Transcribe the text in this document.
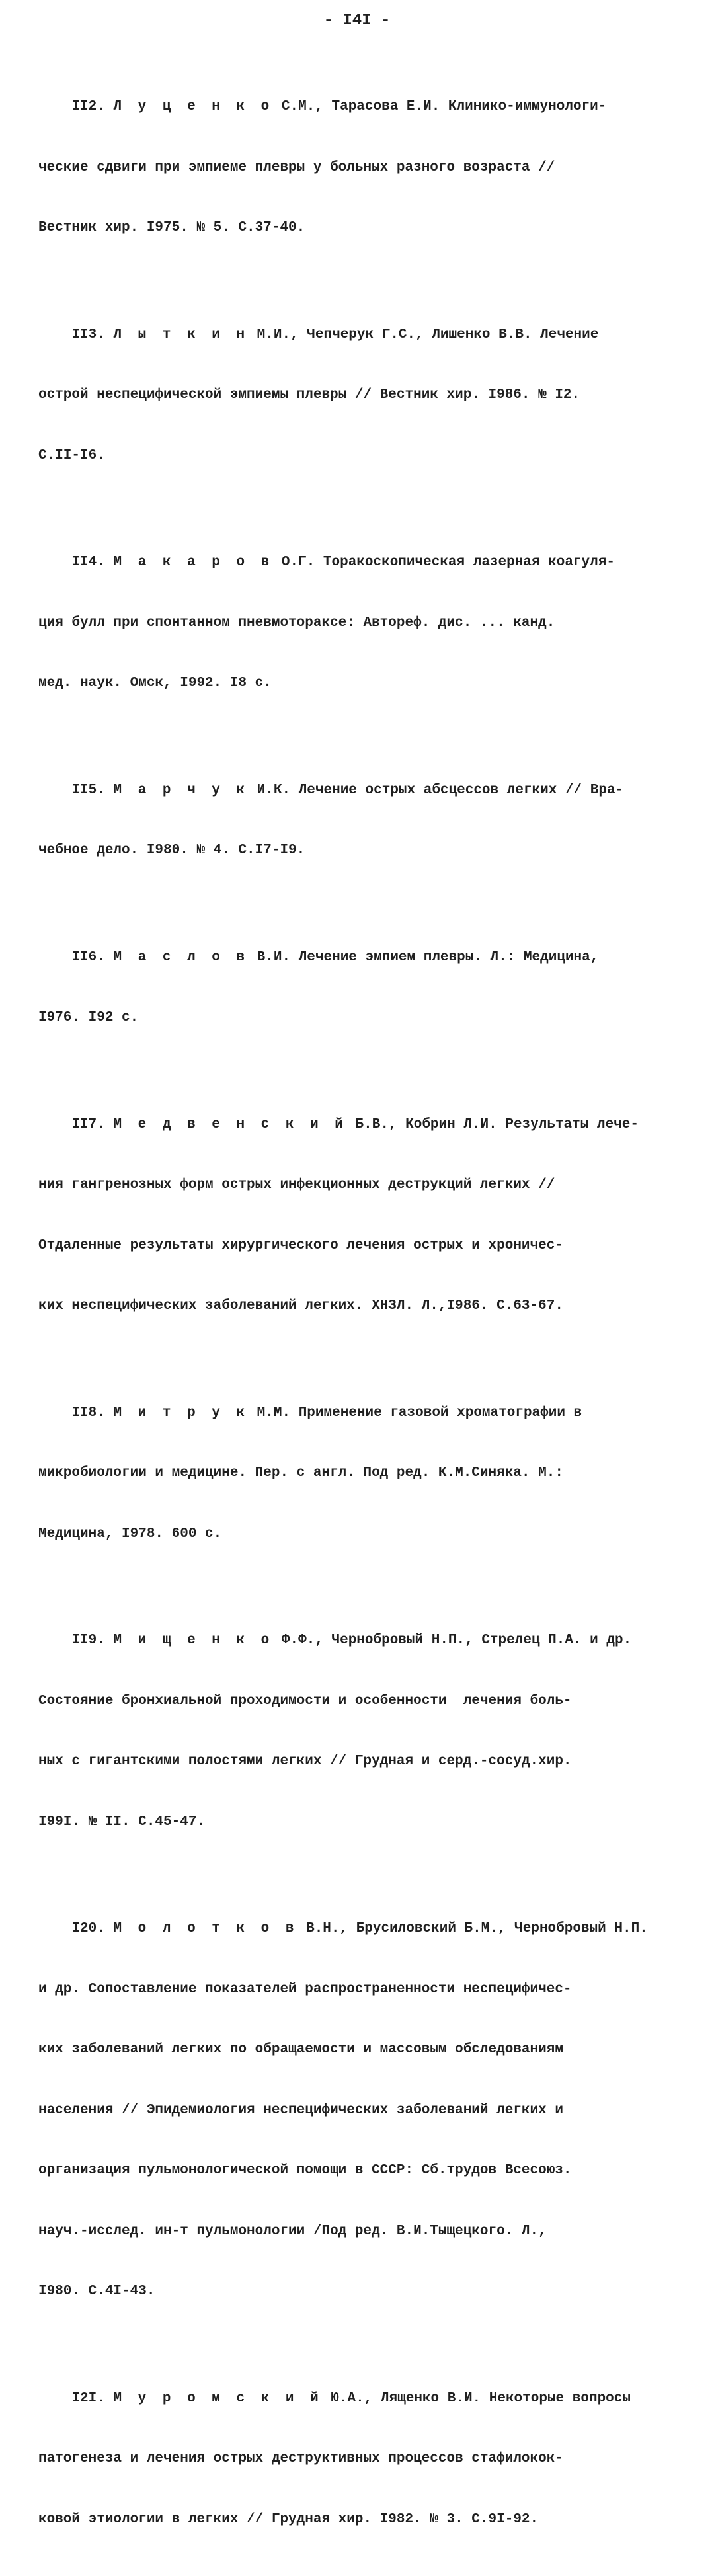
- I4I -

II2. Л у ц е н к о С.М., Тарасова Е.И. Клинико-иммунологи-

ческие сдвиги при эмпиеме плевры у больных разного возраста //

Вестник хир. I975. № 5. С.37-40.

II3. Л ы т к и н М.И., Чепчерук Г.С., Лишенко В.В. Лечение

острой неспецифической эмпиемы плевры // Вестник хир. I986. № I2.

С.II-I6.

II4. М а к а р о в О.Г. Торакоскопическая лазерная коагуля-

ция булл при спонтанном пневмотораксе: Автореф. дис. ... канд.

мед. наук. Омск, I992. I8 с.

II5. М а р ч у к И.К. Лечение острых абсцессов легких // Вра-

чебное дело. I980. № 4. С.I7-I9.

II6. М а с л о в В.И. Лечение эмпием плевры. Л.: Медицина,

I976. I92 с.

II7. М е д в е н с к и й Б.В., Кобрин Л.И. Результаты лече-

ния гангренозных форм острых инфекционных деструкций легких //

Отдаленные результаты хирургического лечения острых и хроничес-

ких неспецифических заболеваний легких. ХНЗЛ. Л.,I986. С.63-67.

II8. М и т р у к М.М. Применение газовой хроматографии в

микробиологии и медицине. Пер. с англ. Под ред. К.М.Синяка. М.:

Медицина, I978. 600 с.

II9. М и щ е н к о Ф.Ф., Чернобровый Н.П., Стрелец П.А. и др.

Состояние бронхиальной проходимости и особенности  лечения боль-

ных с гигантскими полостями легких // Грудная и серд.-сосуд.хир.

I99I. № II. С.45-47.

I20. М о л о т к о в В.Н., Брусиловский Б.М., Чернобровый Н.П.

и др. Сопоставление показателей распространенности неспецифичес-

ких заболеваний легких по обращаемости и массовым обследованиям

населения // Эпидемиология неспецифических заболеваний легких и

организация пульмонологической помощи в СССР: Сб.трудов Всесоюз.

науч.-исслед. ин-т пульмонологии /Под ред. В.И.Тыщецкого. Л.,

I980. С.4I-43.

I2I. М у р о м с к и й Ю.А., Лященко В.И. Некоторые вопросы

патогенеза и лечения острых деструктивных процессов стафилокок-

ковой этиологии в легких // Грудная хир. I982. № 3. С.9I-92.
